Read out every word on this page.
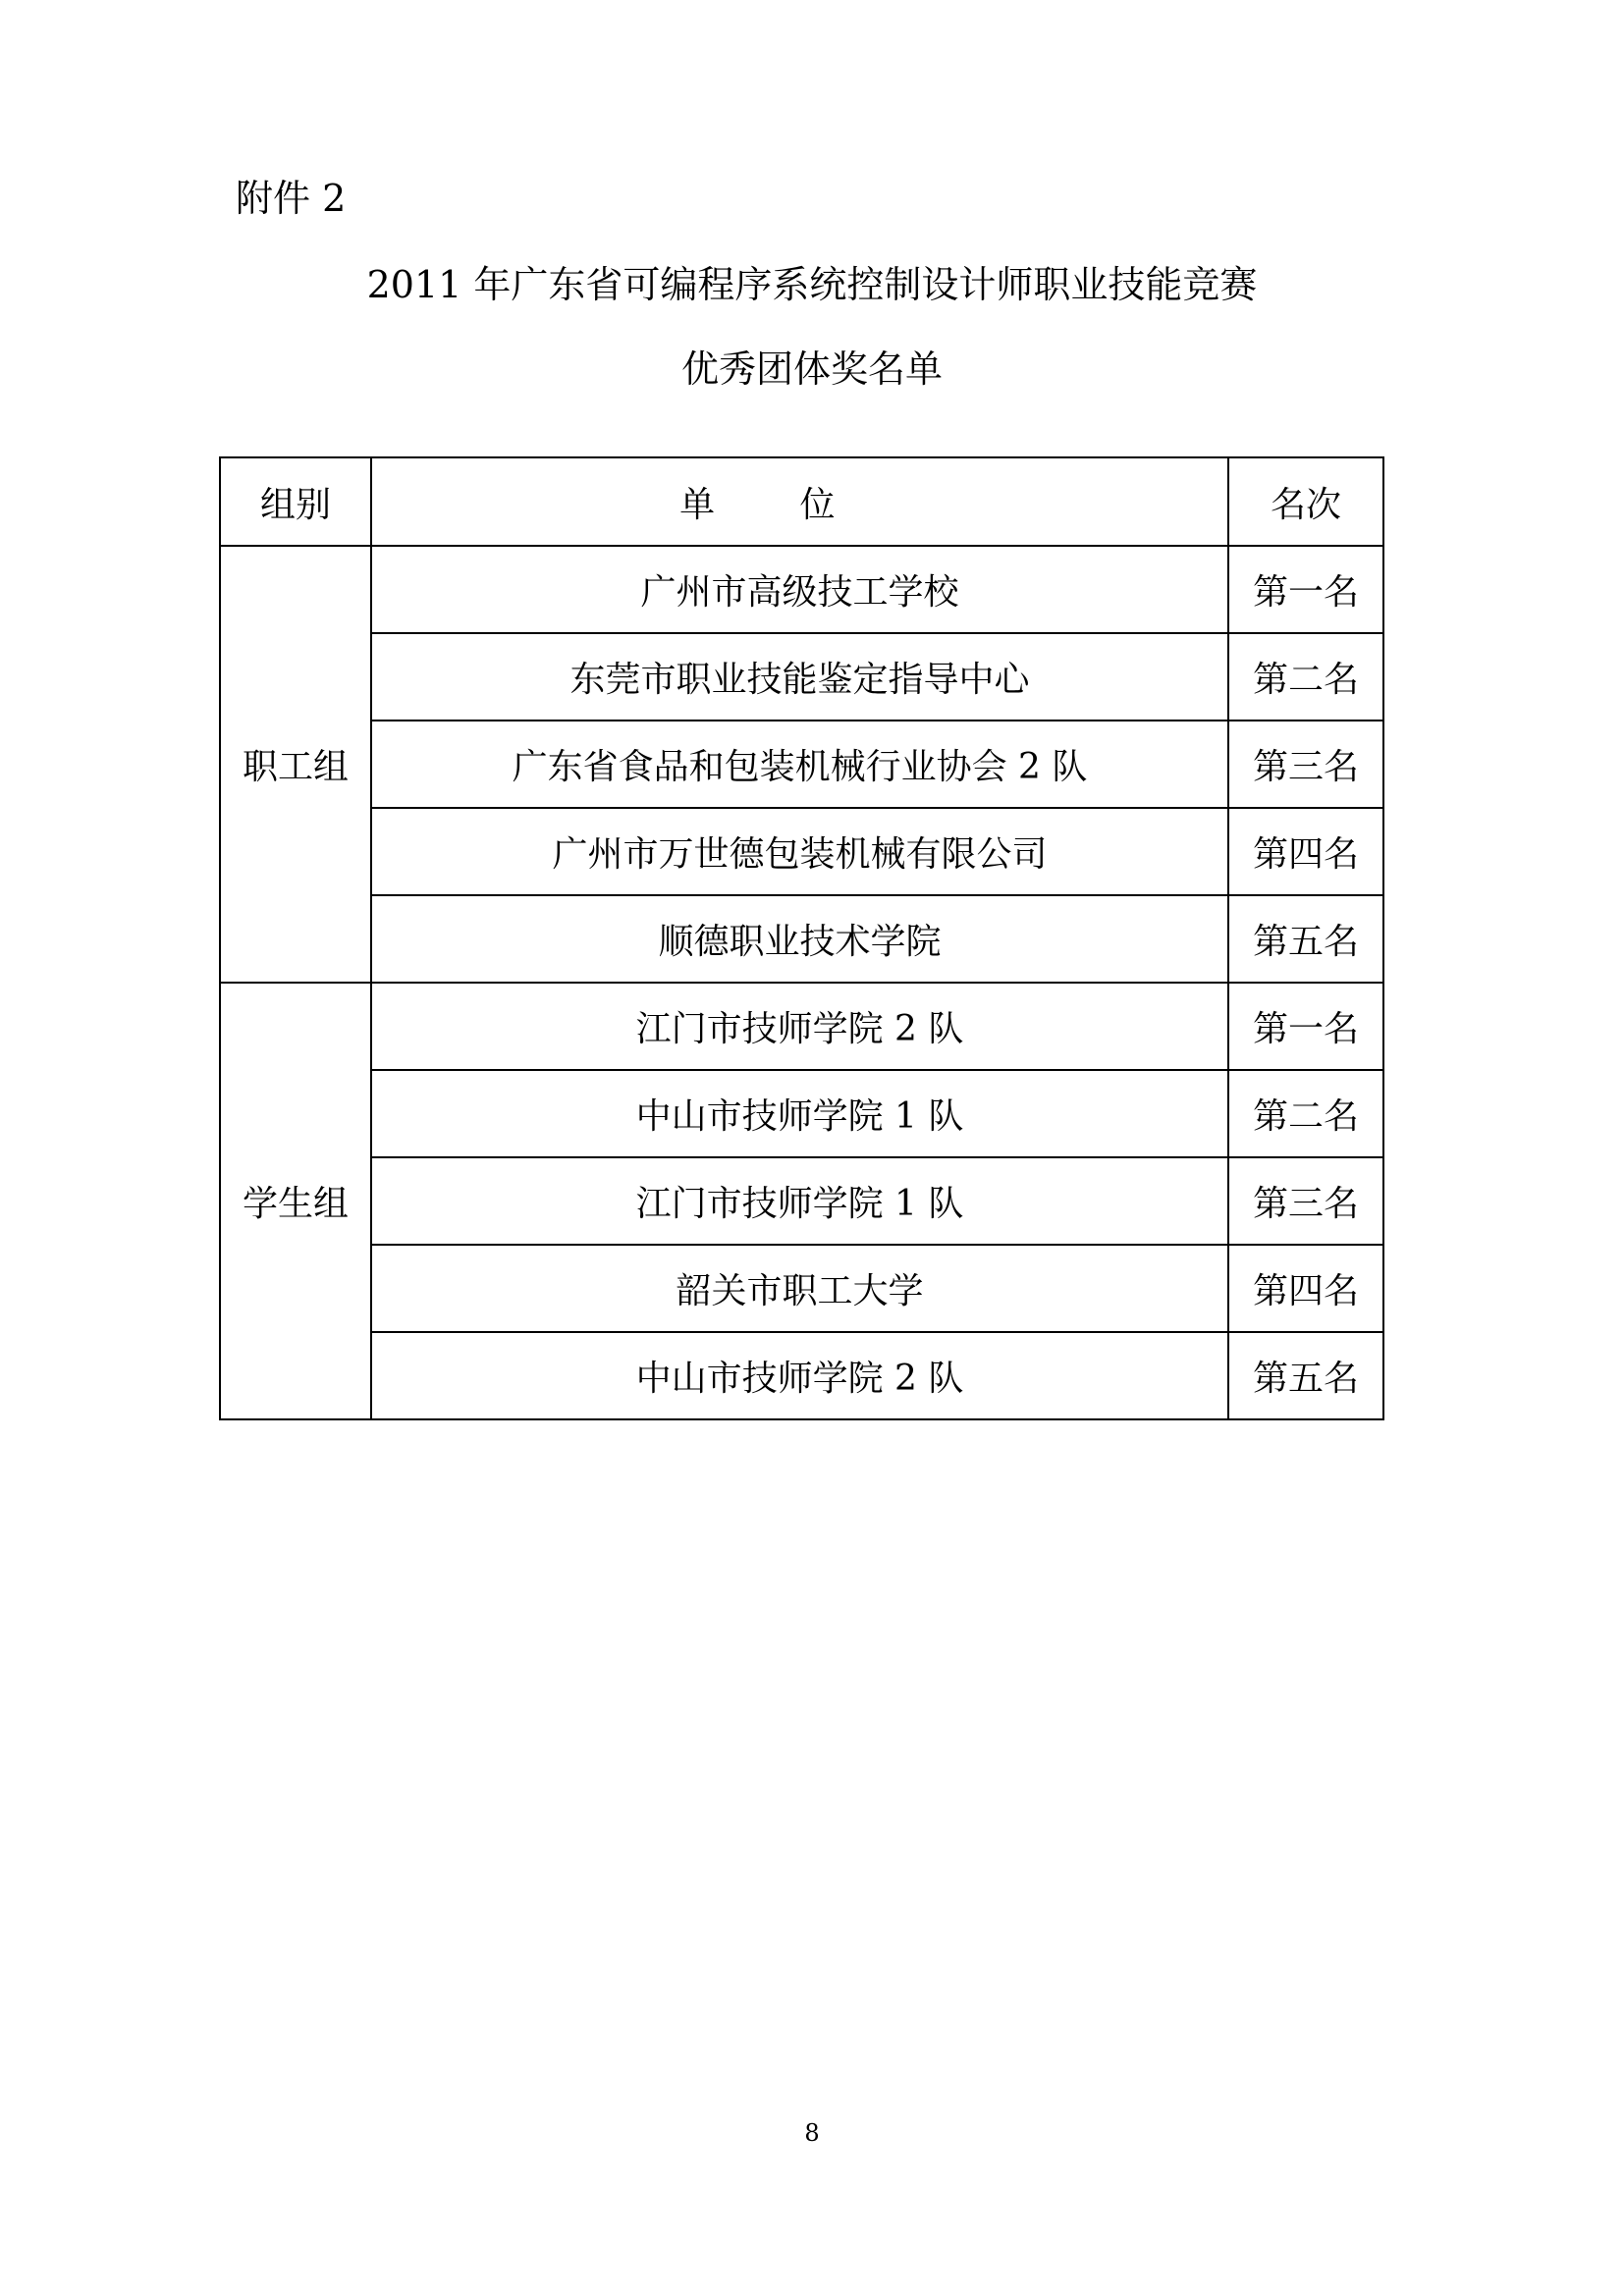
附件 2
2011 年广东省可编程序系统控制设计师职业技能竞赛
优秀团体奖名单
组别	单位	名次
职工组	广州市高级技工学校	第一名
	东莞市职业技能鉴定指导中心	第二名
	广东省食品和包装机械行业协会 2 队	第三名
	广州市万世德包装机械有限公司	第四名
	顺德职业技术学院	第五名
学生组	江门市技师学院 2 队	第一名
	中山市技师学院 1 队	第二名
	江门市技师学院 1 队	第三名
	韶关市职工大学	第四名
	中山市技师学院 2 队	第五名
8
